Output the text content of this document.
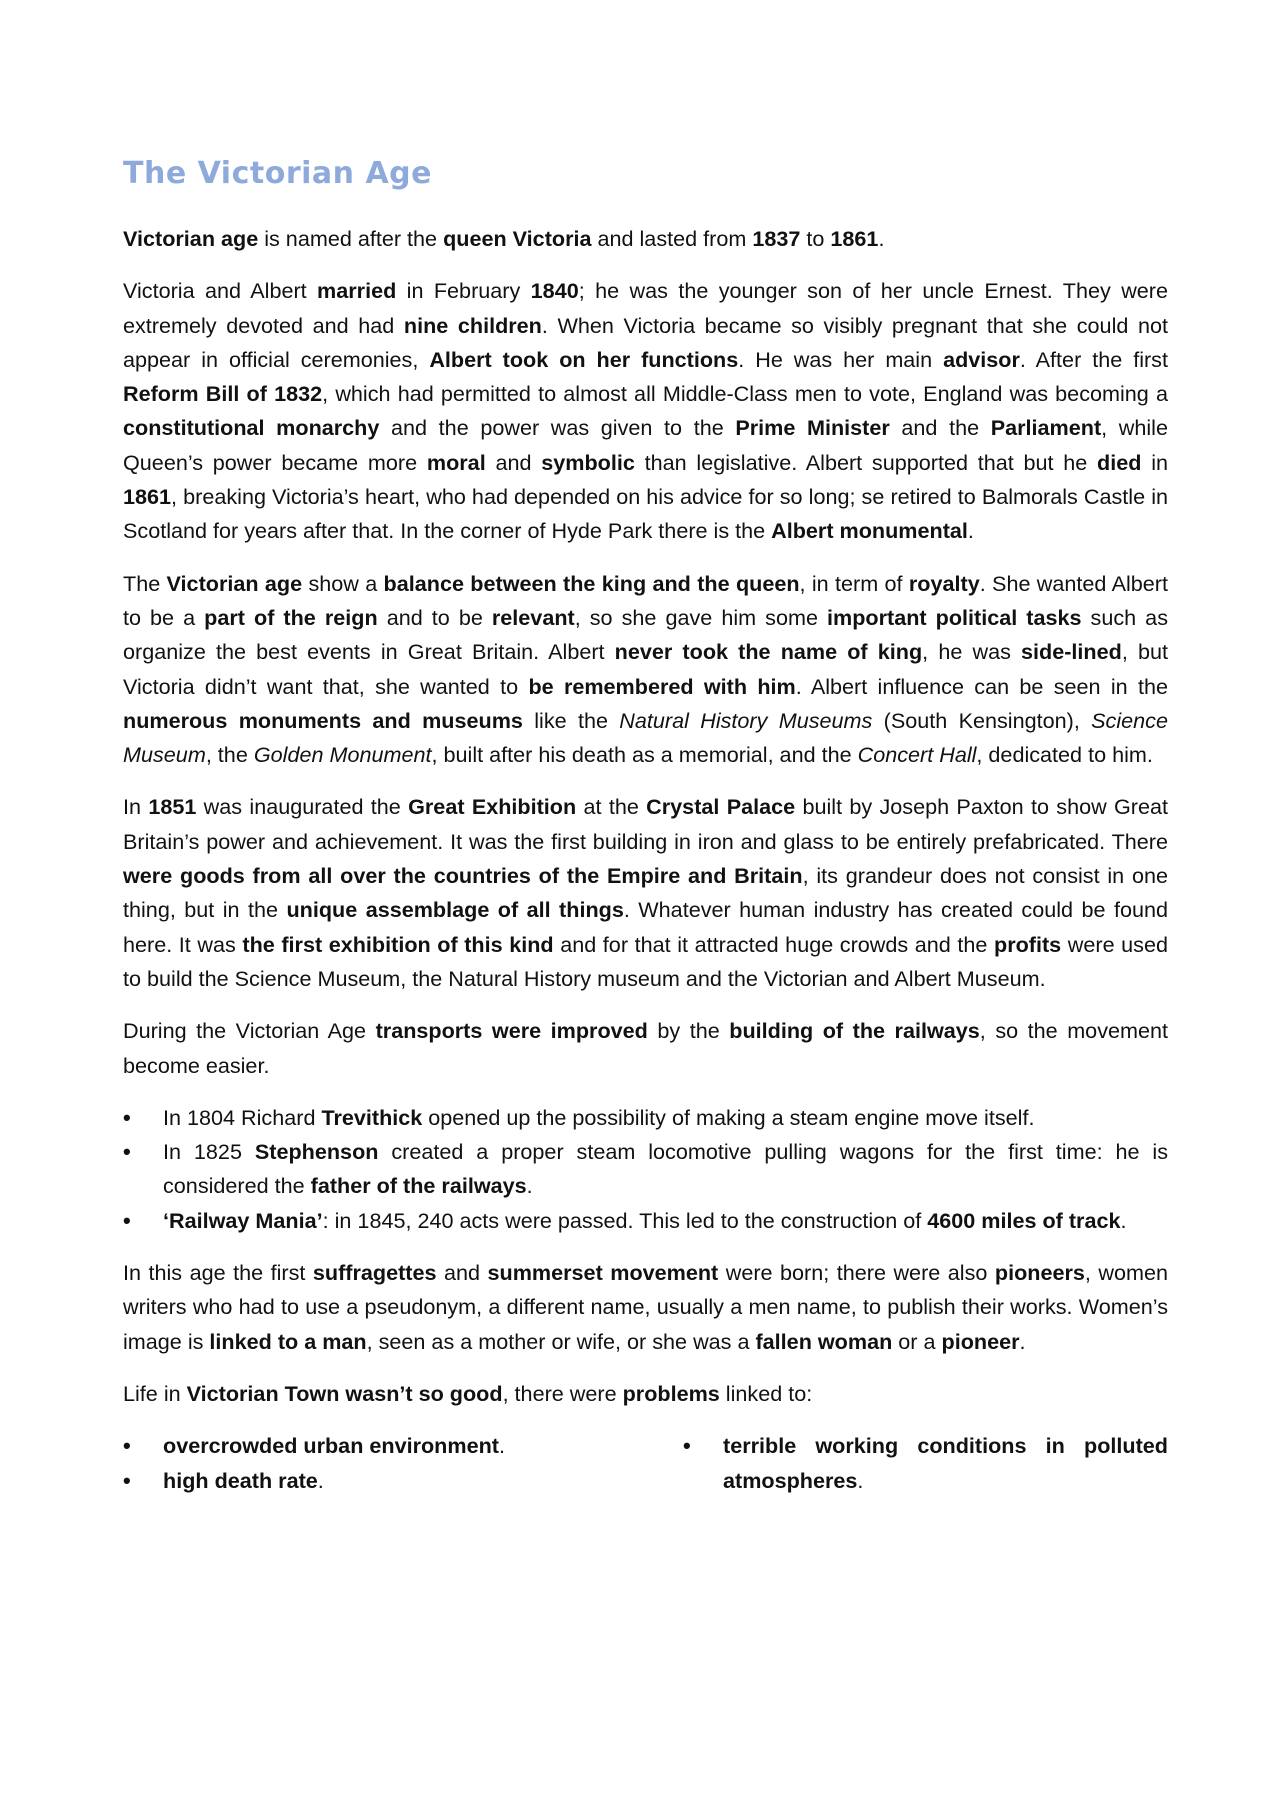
The Victorian Age

Victorian age is named after the queen Victoria and lasted from 1837 to 1861.

Victoria and Albert married in February 1840; he was the younger son of her uncle Ernest. They were extremely devoted and had nine children. When Victoria became so visibly pregnant that she could not appear in official ceremonies, Albert took on her functions. He was her main advisor. After the first Reform Bill of 1832, which had permitted to almost all Middle-Class men to vote, England was becoming a constitutional monarchy and the power was given to the Prime Minister and the Parliament, while Queen’s power became more moral and symbolic than legislative. Albert supported that but he died in 1861, breaking Victoria’s heart, who had depended on his advice for so long; se retired to Balmorals Castle in Scotland for years after that. In the corner of Hyde Park there is the Albert monumental.

The Victorian age show a balance between the king and the queen, in term of royalty. She wanted Albert to be a part of the reign and to be relevant, so she gave him some important political tasks such as organize the best events in Great Britain. Albert never took the name of king, he was side-lined, but Victoria didn’t want that, she wanted to be remembered with him. Albert influence can be seen in the numerous monuments and museums like the Natural History Museums (South Kensington), Science Museum, the Golden Monument, built after his death as a memorial, and the Concert Hall, dedicated to him.

In 1851 was inaugurated the Great Exhibition at the Crystal Palace built by Joseph Paxton to show Great Britain’s power and achievement. It was the first building in iron and glass to be entirely prefabricated. There were goods from all over the countries of the Empire and Britain, its grandeur does not consist in one thing, but in the unique assemblage of all things. Whatever human industry has created could be found here. It was the first exhibition of this kind and for that it attracted huge crowds and the profits were used to build the Science Museum, the Natural History museum and the Victorian and Albert Museum.

During the Victorian Age transports were improved by the building of the railways, so the movement become easier.

• In 1804 Richard Trevithick opened up the possibility of making a steam engine move itself.
• In 1825 Stephenson created a proper steam locomotive pulling wagons for the first time: he is considered the father of the railways.
• ‘Railway Mania’: in 1845, 240 acts were passed. This led to the construction of 4600 miles of track.

In this age the first suffragettes and summerset movement were born; there were also pioneers, women writers who had to use a pseudonym, a different name, usually a men name, to publish their works. Women’s image is linked to a man, seen as a mother or wife, or she was a fallen woman or a pioneer.

Life in Victorian Town wasn’t so good, there were problems linked to:

• overcrowded urban environment.
• high death rate.
• terrible working conditions in polluted atmospheres.
